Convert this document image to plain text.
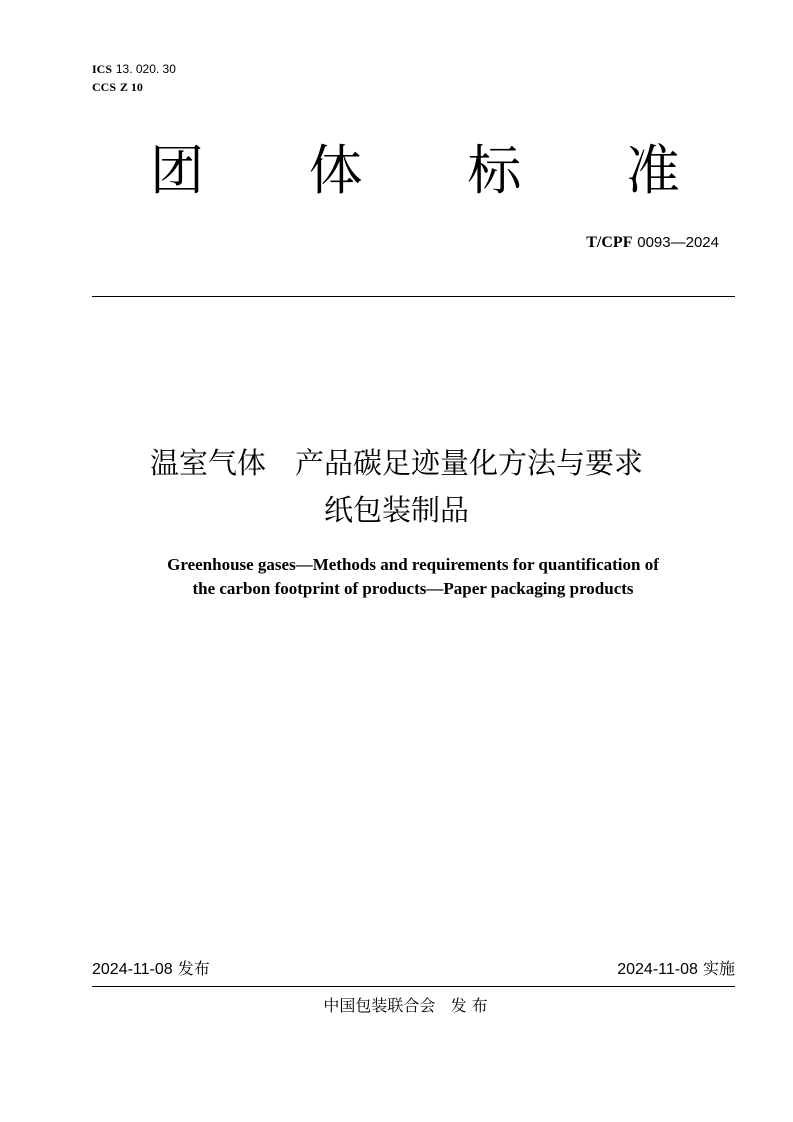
ICS 13. 020. 30
CCS Z 10
团 体 标 准
T/CPF 0093—2024
温室气体　产品碳足迹量化方法与要求
纸包装制品
Greenhouse gases—Methods and requirements for quantification of
the carbon footprint of products—Paper packaging products
2024-11-08 发布	2024-11-08 实施
中国包装联合会 发 布
